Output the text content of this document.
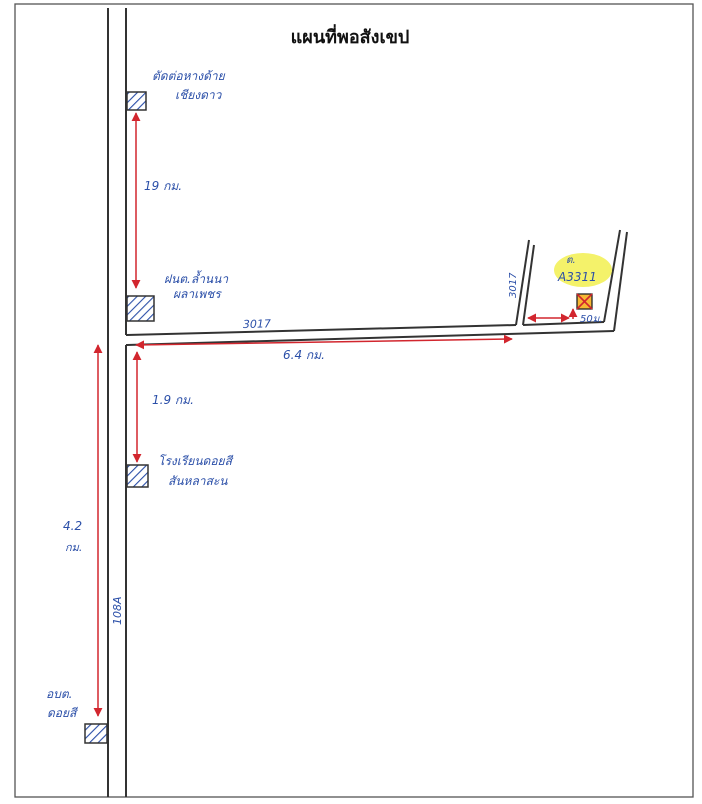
3017
3017
108A
ตัดต่อหางด้าย
เชียงดาว
ฝนต.ล้ำนนา
ผลาเพชร
โรงเรียนดอยสี
สันหลาสะน
อบต.
ดอยสี
ต.
A3311
19 กม.
6.4 กม.
1.9 กม.
4.2
กม.
50ม.
แผนที่พอสังเขป
